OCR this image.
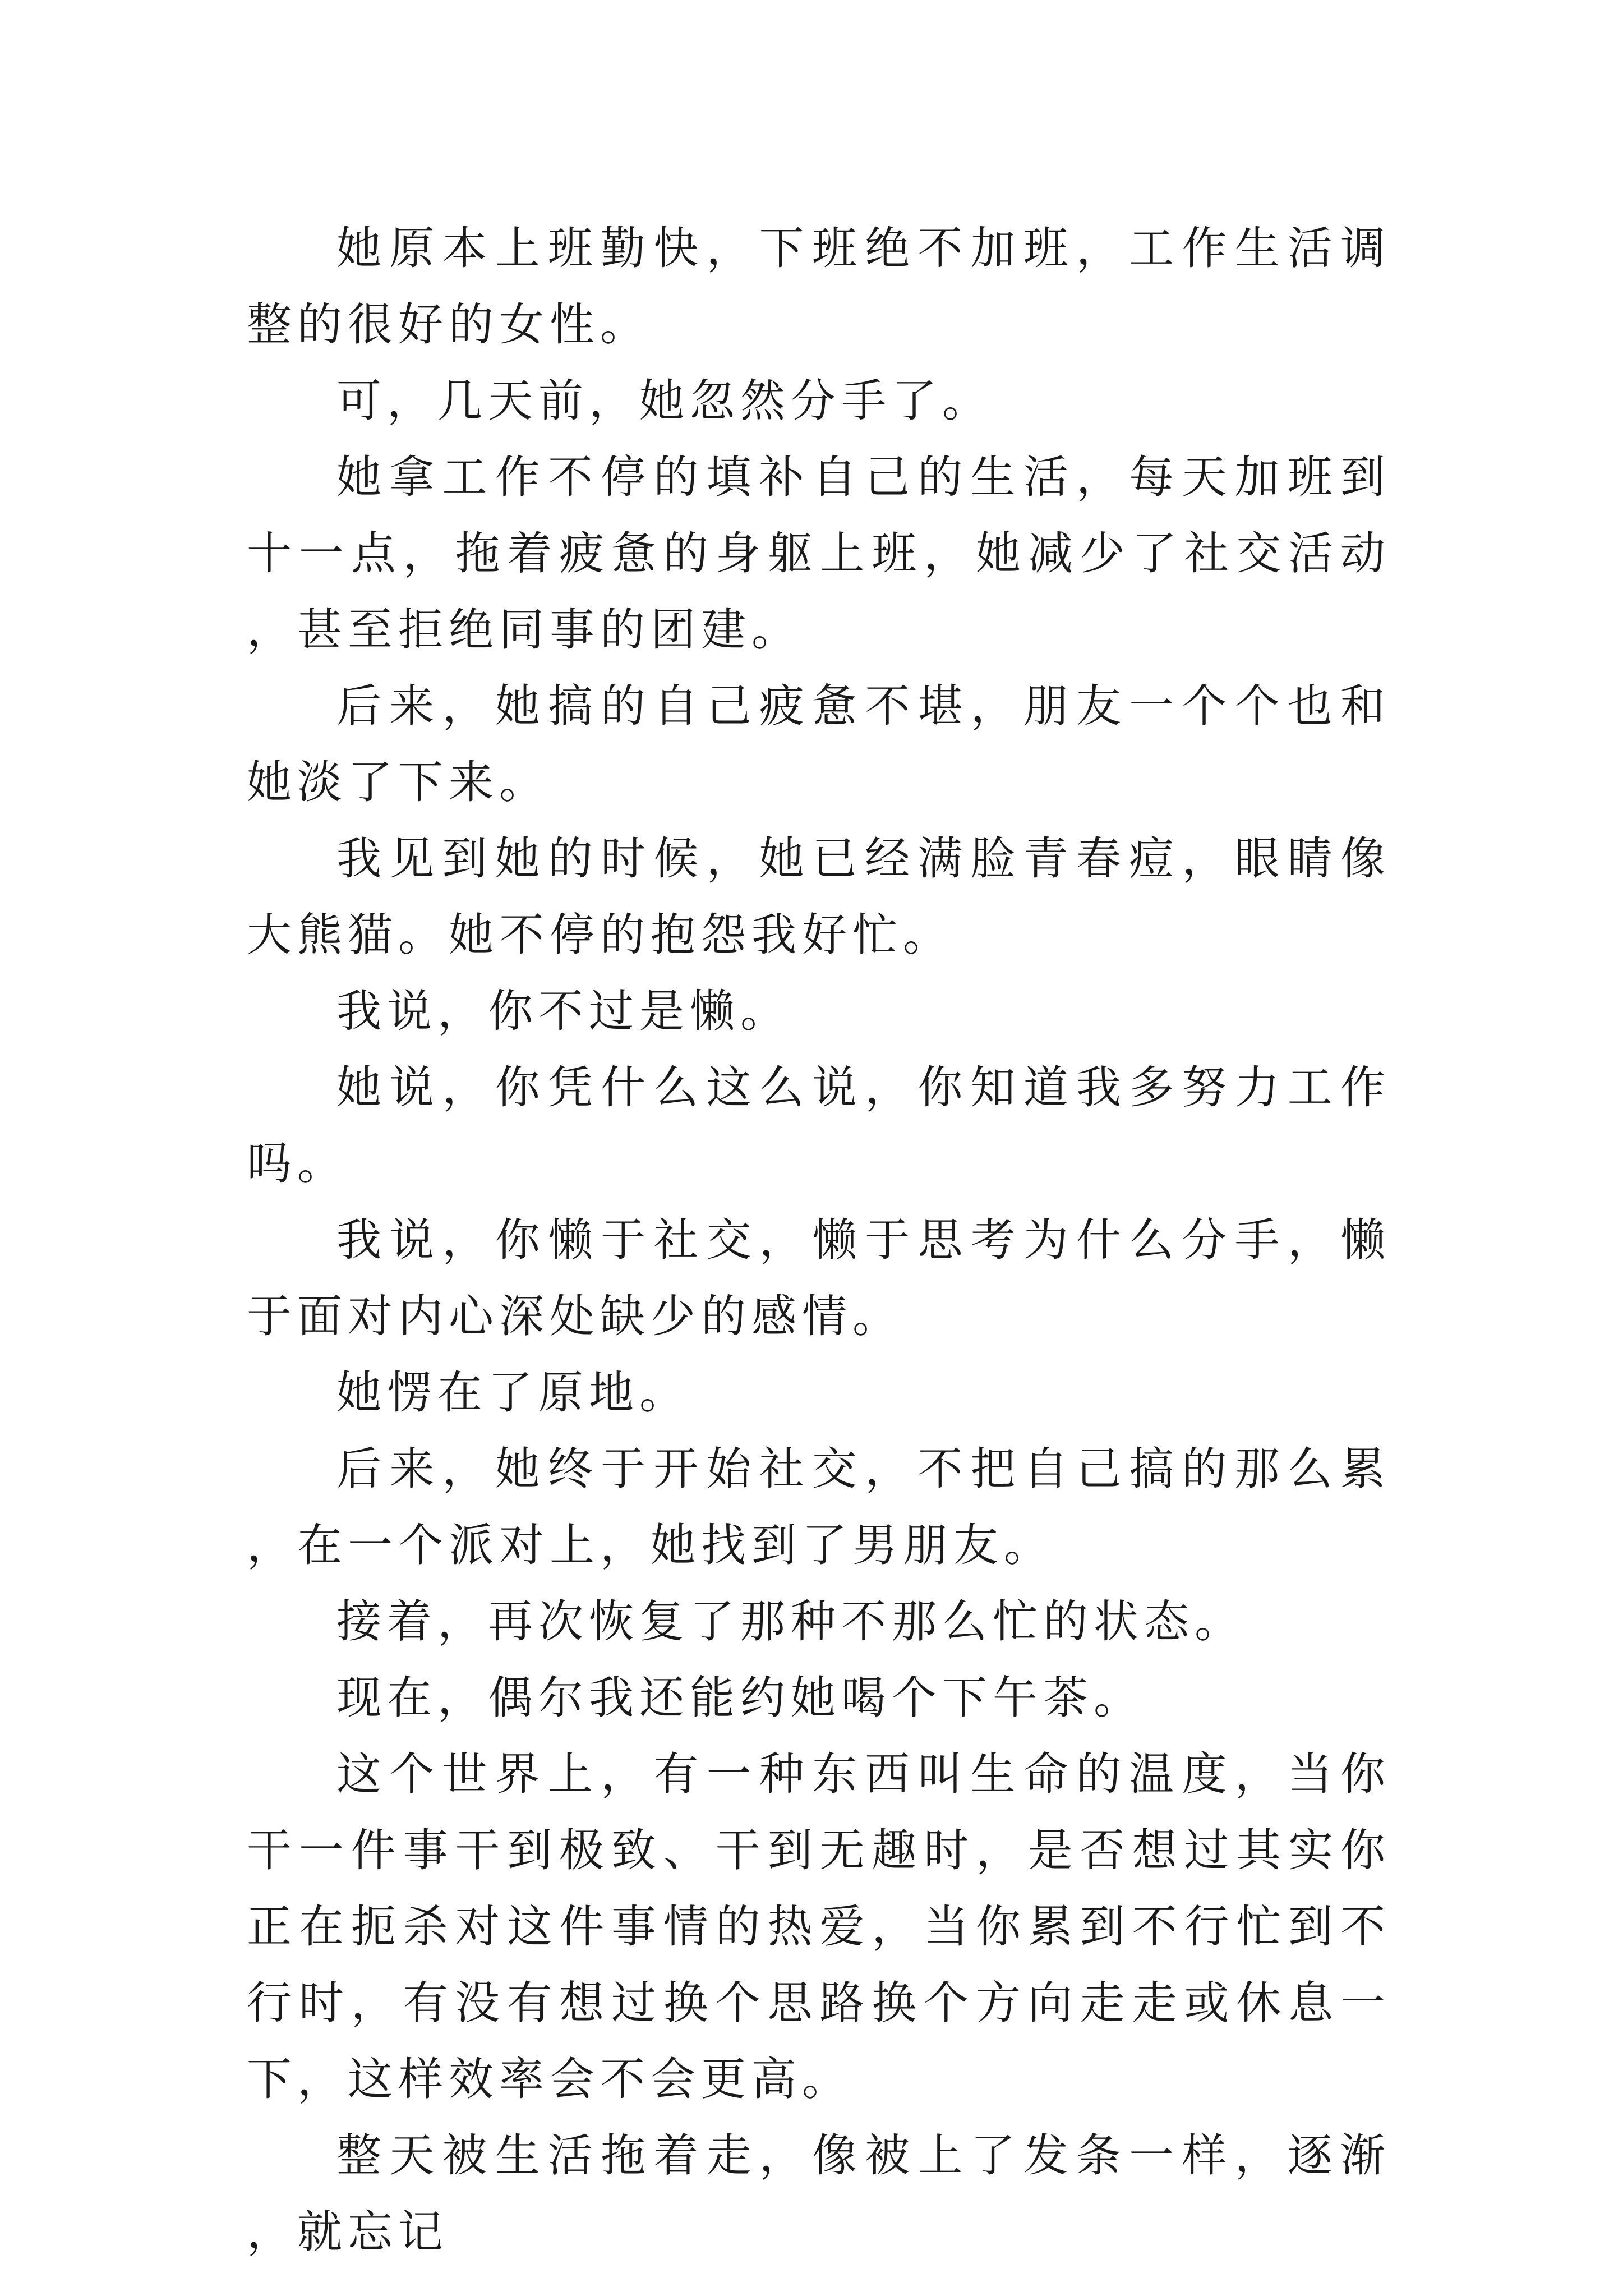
她原本上班勤快，下班绝不加班，工作生活调整的很好的女性。

可，几天前，她忽然分手了。

她拿工作不停的填补自己的生活，每天加班到十一点，拖着疲惫的身躯上班，她减少了社交活动，甚至拒绝同事的团建。

后来，她搞的自己疲惫不堪，朋友一个个也和她淡了下来。

我见到她的时候，她已经满脸青春痘，眼睛像大熊猫。她不停的抱怨我好忙。

我说，你不过是懒。

她说，你凭什么这么说，你知道我多努力工作吗。

我说，你懒于社交，懒于思考为什么分手，懒于面对内心深处缺少的感情。

她愣在了原地。

后来，她终于开始社交，不把自己搞的那么累，在一个派对上，她找到了男朋友。

接着，再次恢复了那种不那么忙的状态。

现在，偶尔我还能约她喝个下午茶。

这个世界上，有一种东西叫生命的温度，当你干一件事干到极致、干到无趣时，是否想过其实你正在扼杀对这件事情的热爱，当你累到不行忙到不行时，有没有想过换个思路换个方向走走或休息一下，这样效率会不会更高。

整天被生活拖着走，像被上了发条一样，逐渐，就忘记
